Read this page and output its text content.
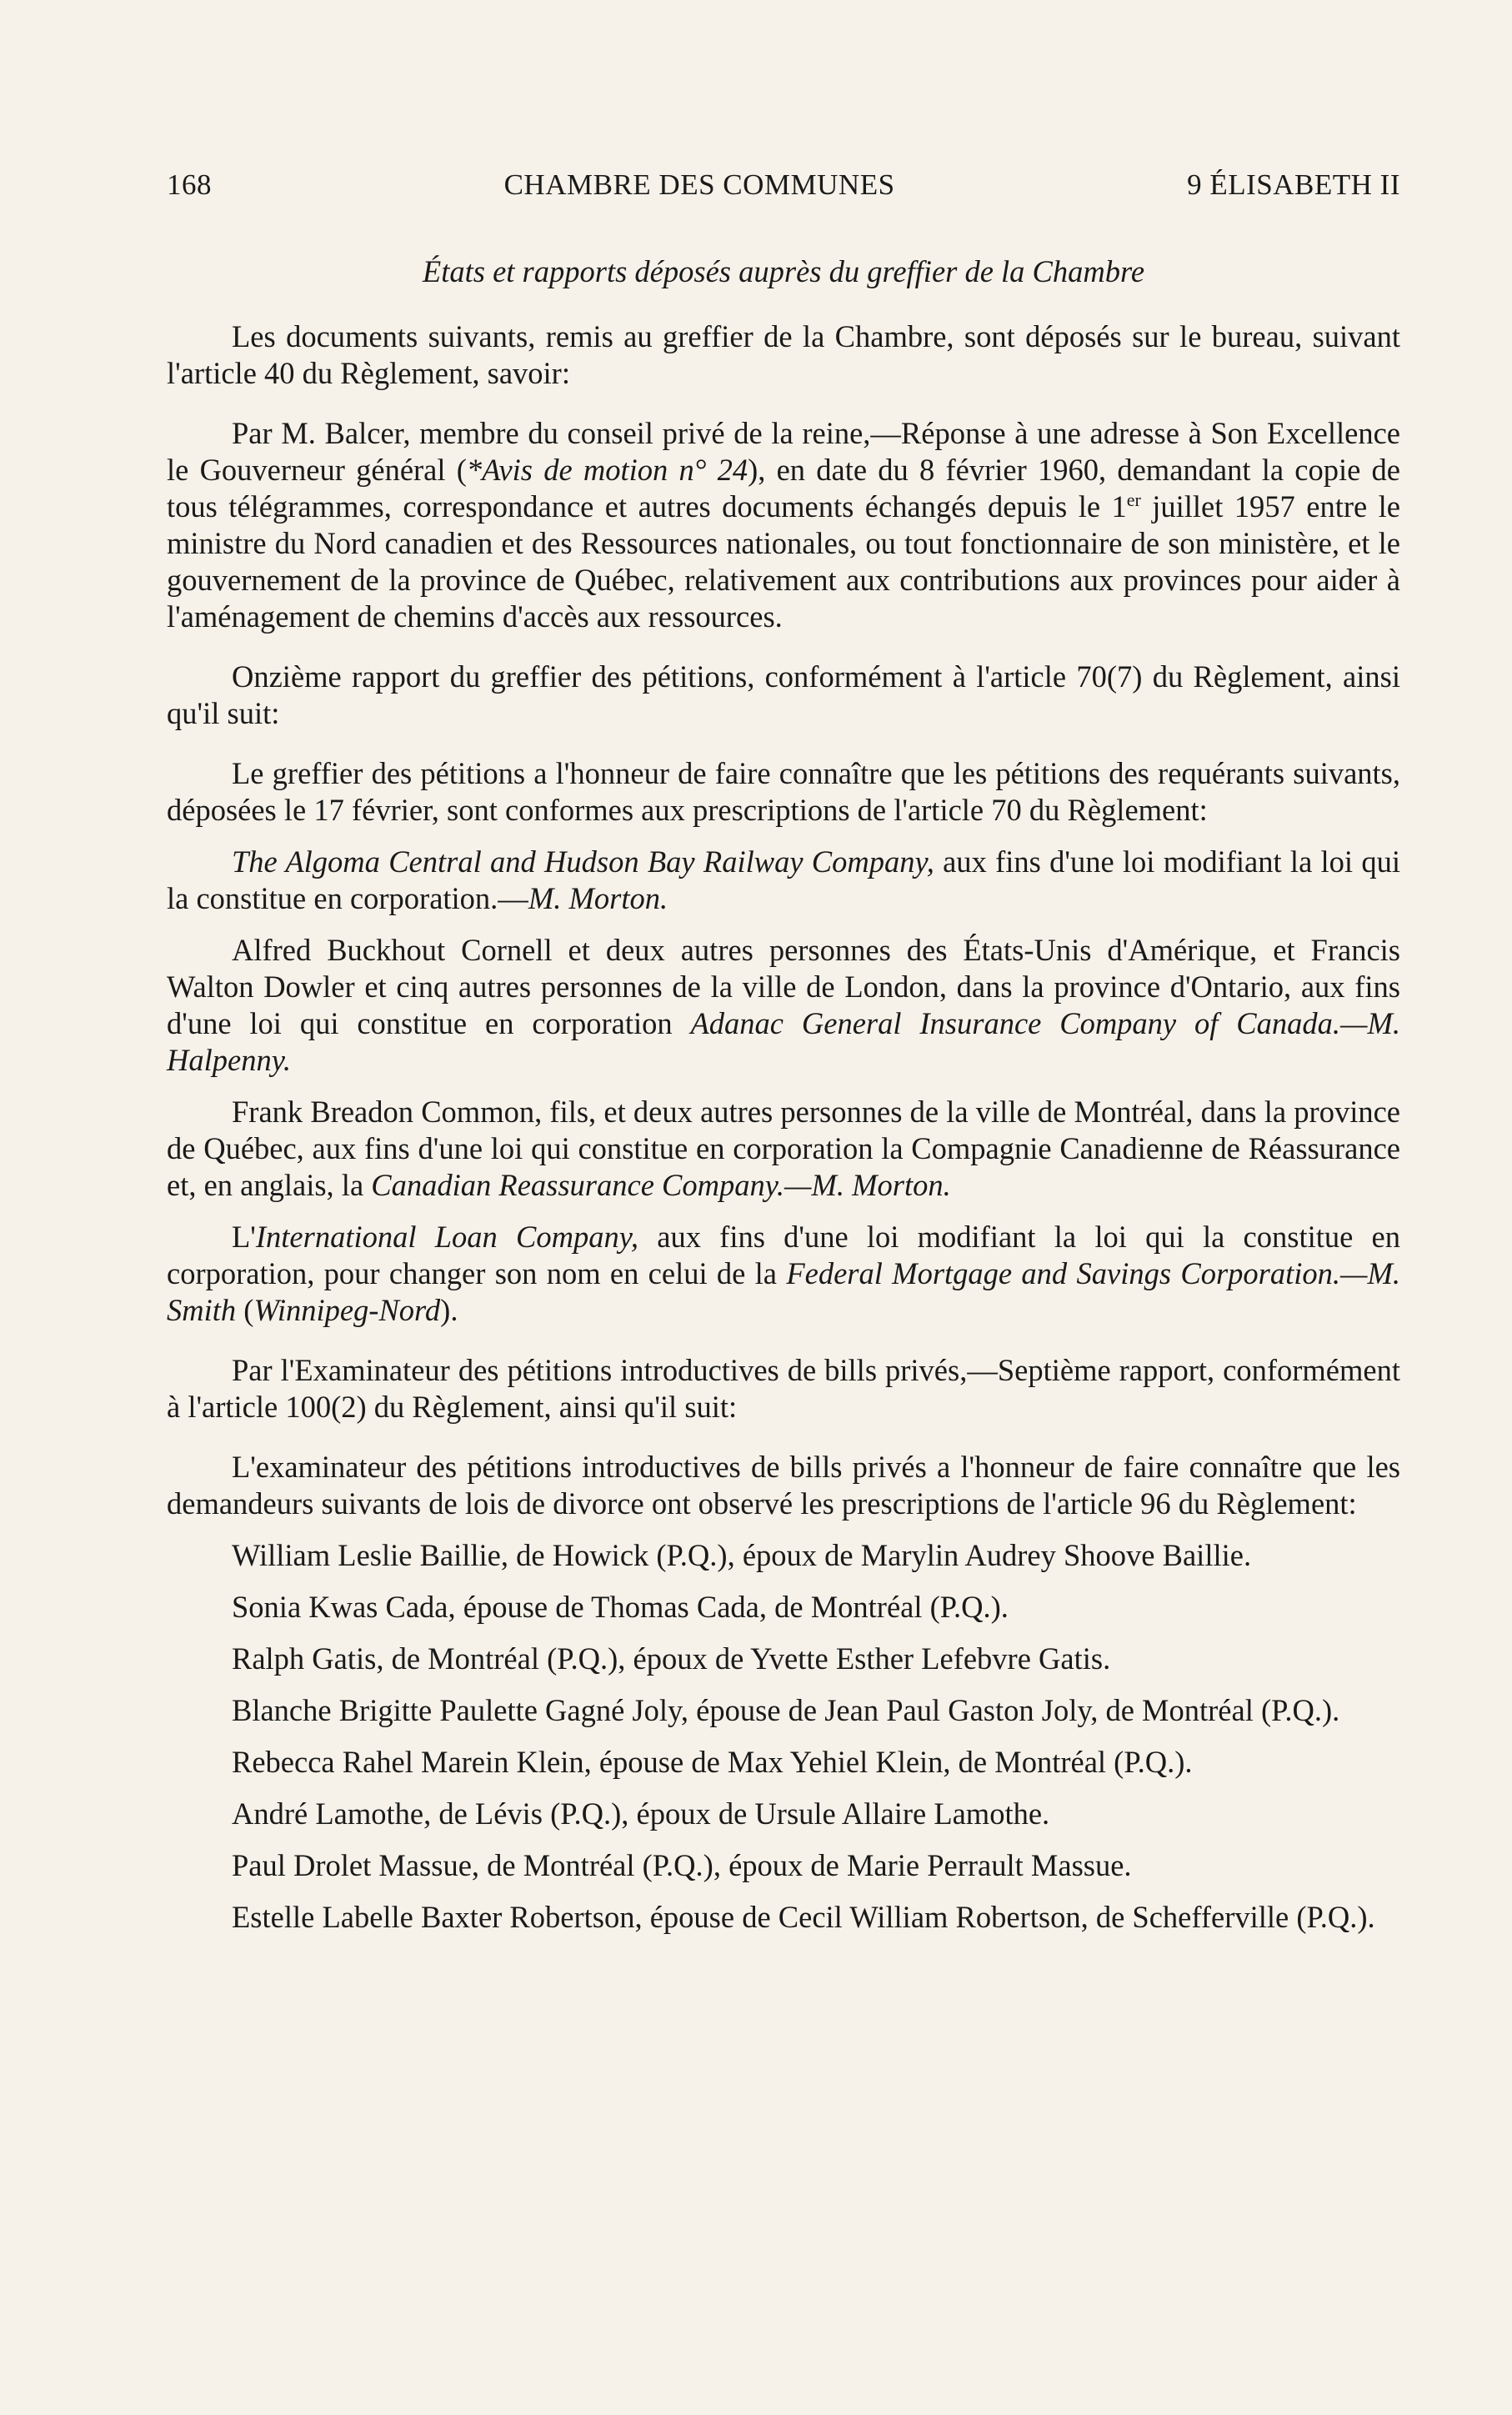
168	CHAMBRE DES COMMUNES	9 ÉLISABETH II
États et rapports déposés auprès du greffier de la Chambre

Les documents suivants, remis au greffier de la Chambre, sont déposés sur le bureau, suivant l'article 40 du Règlement, savoir:

Par M. Balcer, membre du conseil privé de la reine,—Réponse à une adresse à Son Excellence le Gouverneur général (*Avis de motion n° 24), en date du 8 février 1960, demandant la copie de tous télégrammes, correspondance et autres documents échangés depuis le 1er juillet 1957 entre le ministre du Nord canadien et des Ressources nationales, ou tout fonctionnaire de son ministère, et le gouvernement de la province de Québec, relativement aux contributions aux provinces pour aider à l'aménagement de chemins d'accès aux ressources.

Onzième rapport du greffier des pétitions, conformément à l'article 70(7) du Règlement, ainsi qu'il suit:

Le greffier des pétitions a l'honneur de faire connaître que les pétitions des requérants suivants, déposées le 17 février, sont conformes aux prescriptions de l'article 70 du Règlement:

The Algoma Central and Hudson Bay Railway Company, aux fins d'une loi modifiant la loi qui la constitue en corporation.—M. Morton.

Alfred Buckhout Cornell et deux autres personnes des États-Unis d'Amérique, et Francis Walton Dowler et cinq autres personnes de la ville de London, dans la province d'Ontario, aux fins d'une loi qui constitue en corporation Adanac General Insurance Company of Canada.—M. Halpenny.

Frank Breadon Common, fils, et deux autres personnes de la ville de Montréal, dans la province de Québec, aux fins d'une loi qui constitue en corporation la Compagnie Canadienne de Réassurance et, en anglais, la Canadian Reassurance Company.—M. Morton.

L'International Loan Company, aux fins d'une loi modifiant la loi qui la constitue en corporation, pour changer son nom en celui de la Federal Mortgage and Savings Corporation.—M. Smith (Winnipeg-Nord).

Par l'Examinateur des pétitions introductives de bills privés,—Septième rapport, conformément à l'article 100(2) du Règlement, ainsi qu'il suit:

L'examinateur des pétitions introductives de bills privés a l'honneur de faire connaître que les demandeurs suivants de lois de divorce ont observé les prescriptions de l'article 96 du Règlement:

William Leslie Baillie, de Howick (P.Q.), époux de Marylin Audrey Shoove Baillie.

Sonia Kwas Cada, épouse de Thomas Cada, de Montréal (P.Q.).

Ralph Gatis, de Montréal (P.Q.), époux de Yvette Esther Lefebvre Gatis.

Blanche Brigitte Paulette Gagné Joly, épouse de Jean Paul Gaston Joly, de Montréal (P.Q.).

Rebecca Rahel Marein Klein, épouse de Max Yehiel Klein, de Montréal (P.Q.).

André Lamothe, de Lévis (P.Q.), époux de Ursule Allaire Lamothe.

Paul Drolet Massue, de Montréal (P.Q.), époux de Marie Perrault Massue.

Estelle Labelle Baxter Robertson, épouse de Cecil William Robertson, de Schefferville (P.Q.).
